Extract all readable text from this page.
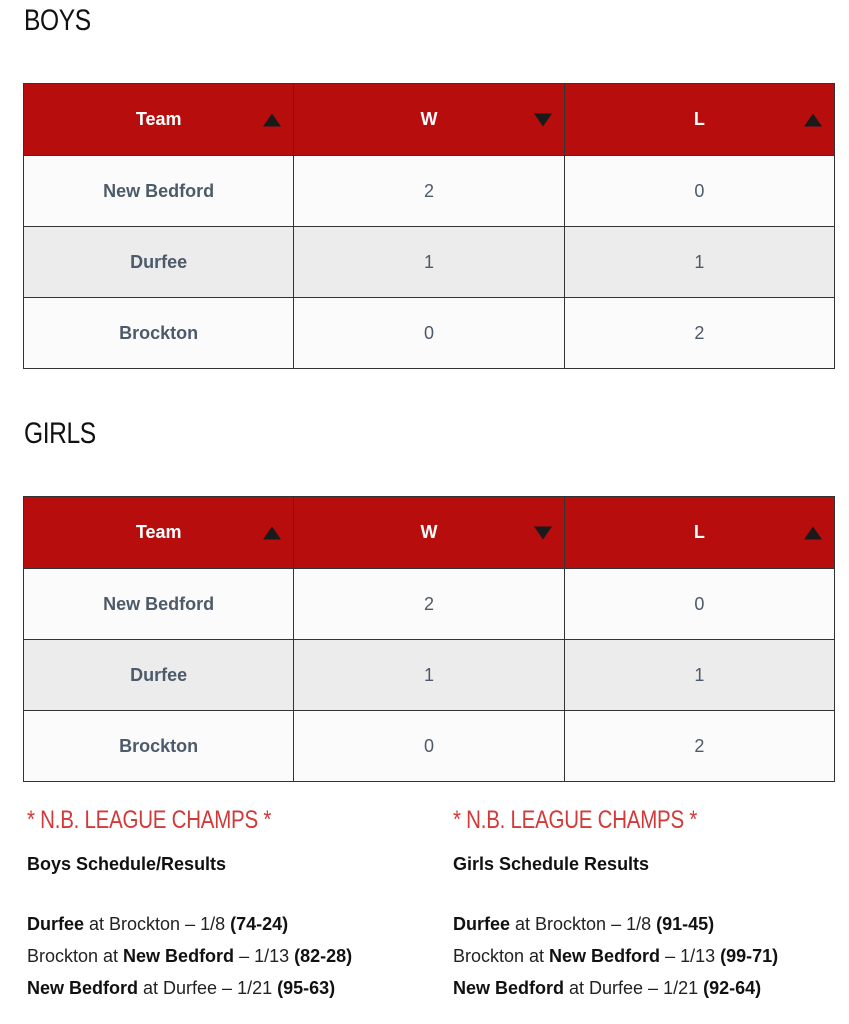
BOYS
Team	W	L

New Bedford	2	0
Durfee	1	1
Brockton	0	2
GIRLS
Team	W	L

New Bedford	2	0
Durfee	1	1
Brockton	0	2
* N.B. LEAGUE CHAMPS *
Boys Schedule/Results
Durfee at Brockton – 1/8 (74-24)
Brockton at New Bedford – 1/13 (82-28)
New Bedford at Durfee – 1/21 (95-63)
* N.B. LEAGUE CHAMPS *
Girls Schedule Results
Durfee at Brockton – 1/8 (91-45)
Brockton at New Bedford – 1/13 (99-71)
New Bedford at Durfee – 1/21 (92-64)
